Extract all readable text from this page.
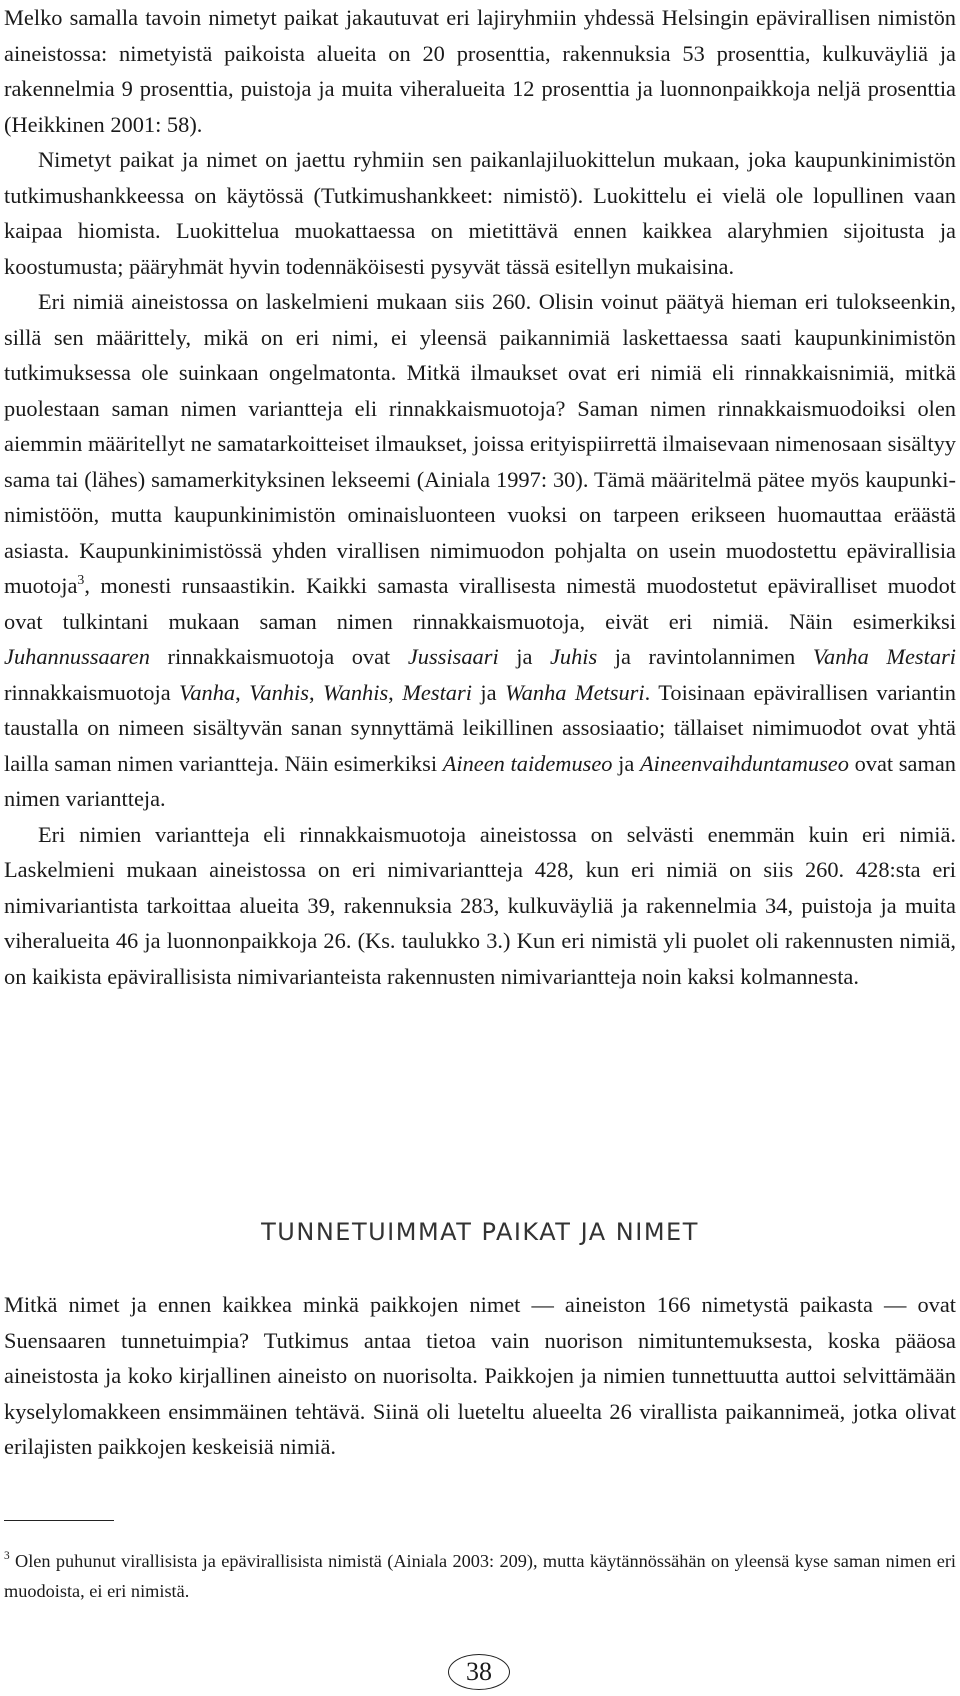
Melko samalla tavoin nimetyt paikat jakautuvat eri lajiryhmiin yhdessä Helsingin epävirallisen nimistön aineistossa: nimetyistä paikoista alueita on 20 prosenttia, rakennuksia 53 prosenttia, kulkuväyliä ja rakennelmia 9 prosenttia, puistoja ja muita viheralueita 12 prosenttia ja luonnonpaikkoja neljä prosenttia (Heikkinen 2001: 58).

Nimetyt paikat ja nimet on jaettu ryhmiin sen paikanlajiluokittelun mukaan, joka kaupunkinimistön tutkimushankkeessa on käytössä (Tutkimushankkeet: nimistö). Luokittelu ei vielä ole lopullinen vaan kaipaa hiomista. Luokittelua muokattaessa on mietittävä ennen kaikkea alaryhmien sijoitusta ja koostumusta; pääryhmät hyvin todennäköisesti pysyvät tässä esitellyn mukaisina.

Eri nimiä aineistossa on laskelmieni mukaan siis 260. Olisin voinut päätyä hieman eri tulokseenkin, sillä sen määrittely, mikä on eri nimi, ei yleensä paikannimiä laskettaessa saati kaupunkinimistön tutkimuksessa ole suinkaan ongelmatonta. Mitkä ilmaukset ovat eri nimiä eli rinnakkaisnimiä, mitkä puolestaan saman nimen variantteja eli rinnakkaismuotoja? Saman nimen rinnakkaismuodoiksi olen aiemmin määritellyt ne samatarkoitteiset ilmaukset, joissa erityispiirrettä ilmaisevaan nimenosaan sisältyy sama tai (lähes) samamerkityksinen lekseemi (Ainiala 1997: 30). Tämä määritelmä pätee myös kaupunkinimistöön, mutta kaupunkinimistön ominaisluonteen vuoksi on tarpeen erikseen huomauttaa eräästä asiasta. Kaupunkinimistössä yhden virallisen nimimuodon pohjalta on usein muodostettu epävirallisia muotoja$^3$, monesti runsaastikin. Kaikki samasta virallisesta nimestä muodostetut epäviralliset muodot ovat tulkintani mukaan saman nimen rinnakkaismuotoja, eivät eri nimiä. Näin esimerkiksi Juhannussaaren rinnakkaismuotoja ovat Jussisaari ja Juhis ja ravintolannimen Vanha Mestari rinnakkaismuotoja Vanha, Vanhis, Wanhis, Mestari ja Wanha Metsuri. Toisinaan epävirallisen variantin taustalla on nimeen sisältyvän sanan synnyttämä leikillinen assosiaatio; tällaiset nimimuodot ovat yhtä lailla saman nimen variantteja. Näin esimerkiksi Aineen taidemuseo ja Aineenvaihduntamuseo ovat saman nimen variantteja.

Eri nimien variantteja eli rinnakkaismuotoja aineistossa on selvästi enemmän kuin eri nimiä. Laskelmieni mukaan aineistossa on eri nimivariantteja 428, kun eri nimiä on siis 260. 428:sta eri nimivariantista tarkoittaa alueita 39, rakennuksia 283, kulkuväyliä ja rakennelmia 34, puistoja ja muita viheralueita 46 ja luonnonpaikkoja 26. (Ks. taulukko 3.) Kun eri nimistä yli puolet oli rakennusten nimiä, on kaikista epävirallisista nimivarianteista rakennusten nimivariantteja noin kaksi kolmannesta.

TUNNETUIMMAT PAIKAT JA NIMET

Mitkä nimet ja ennen kaikkea minkä paikkojen nimet — aineiston 166 nimetystä paikasta — ovat Suensaaren tunnetuimpia? Tutkimus antaa tietoa vain nuorison nimituntemuksesta, koska pääosa aineistosta ja koko kirjallinen aineisto on nuorisolta. Paikkojen ja nimien tunnettuutta auttoi selvittämään kyselylomakkeen ensimmäinen tehtävä. Siinä oli lueteltu alueelta 26 virallista paikannimeä, jotka olivat erilajisten paikkojen keskeisiä nimiä.

$^3$ Olen puhunut virallisista ja epävirallisista nimistä (Ainiala 2003: 209), mutta käytännössähän on yleensä kyse saman nimen eri muodoista, ei eri nimistä.

38
